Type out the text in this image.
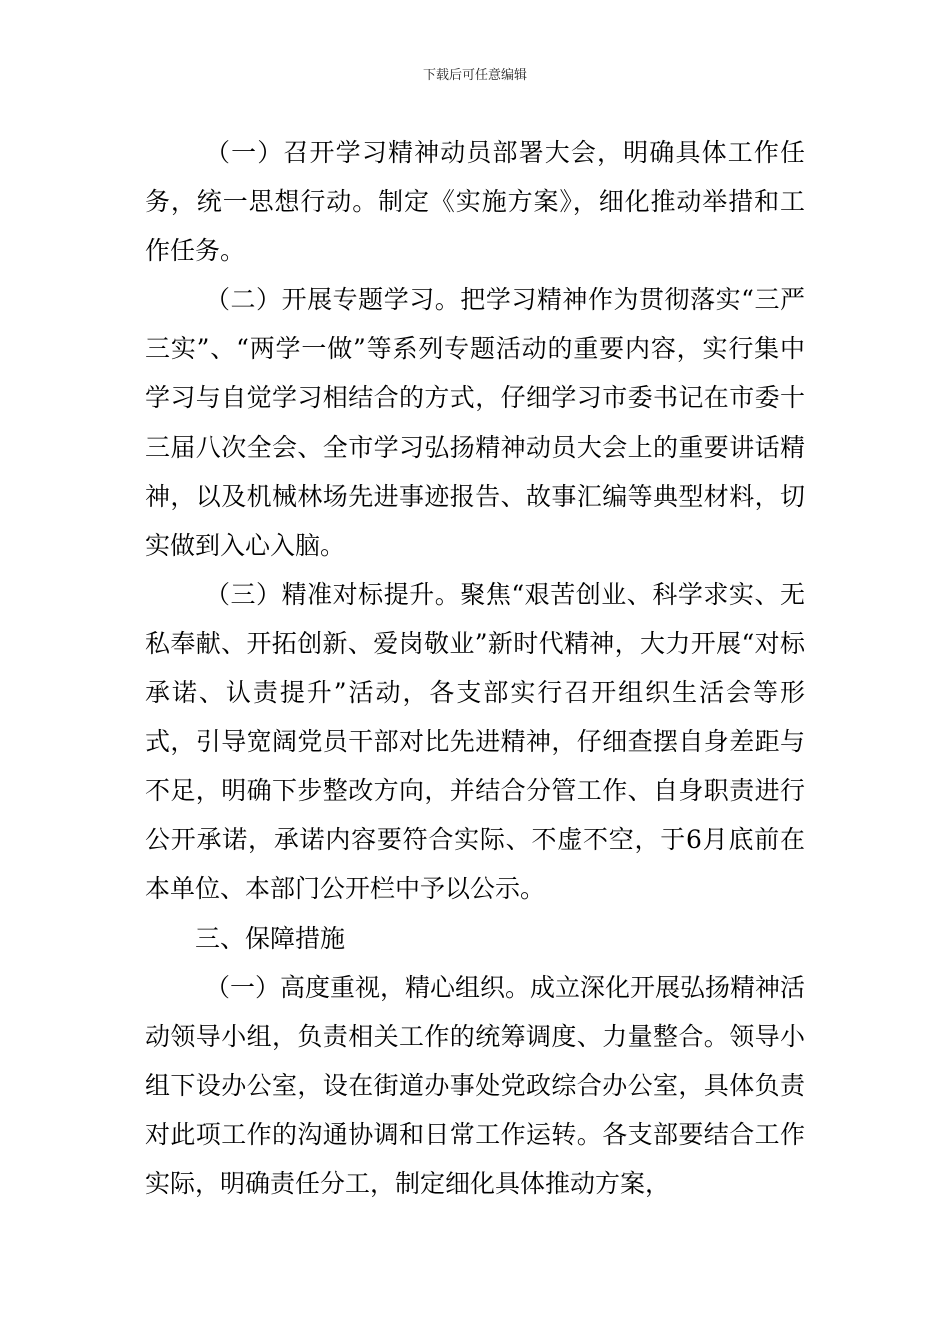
下载后可任意编辑

（一）召开学习精神动员部署大会，明确具体工作任务，统一思想行动。制定《实施方案》，细化推动举措和工作任务。

（二）开展专题学习。把学习精神作为贯彻落实“三严三实”、“两学一做”等系列专题活动的重要内容，实行集中学习与自觉学习相结合的方式，仔细学习市委书记在市委十三届八次全会、全市学习弘扬精神动员大会上的重要讲话精神，以及机械林场先进事迹报告、故事汇编等典型材料，切实做到入心入脑。

（三）精准对标提升。聚焦“艰苦创业、科学求实、无私奉献、开拓创新、爱岗敬业”新时代精神，大力开展“对标承诺、认责提升”活动，各支部实行召开组织生活会等形式，引导宽阔党员干部对比先进精神，仔细查摆自身差距与不足，明确下步整改方向，并结合分管工作、自身职责进行公开承诺，承诺内容要符合实际、不虚不空，于6月底前在本单位、本部门公开栏中予以公示。

三、保障措施

（一）高度重视，精心组织。成立深化开展弘扬精神活动领导小组，负责相关工作的统筹调度、力量整合。领导小组下设办公室，设在街道办事处党政综合办公室，具体负责对此项工作的沟通协调和日常工作运转。各支部要结合工作实际，明确责任分工，制定细化具体推动方案，
